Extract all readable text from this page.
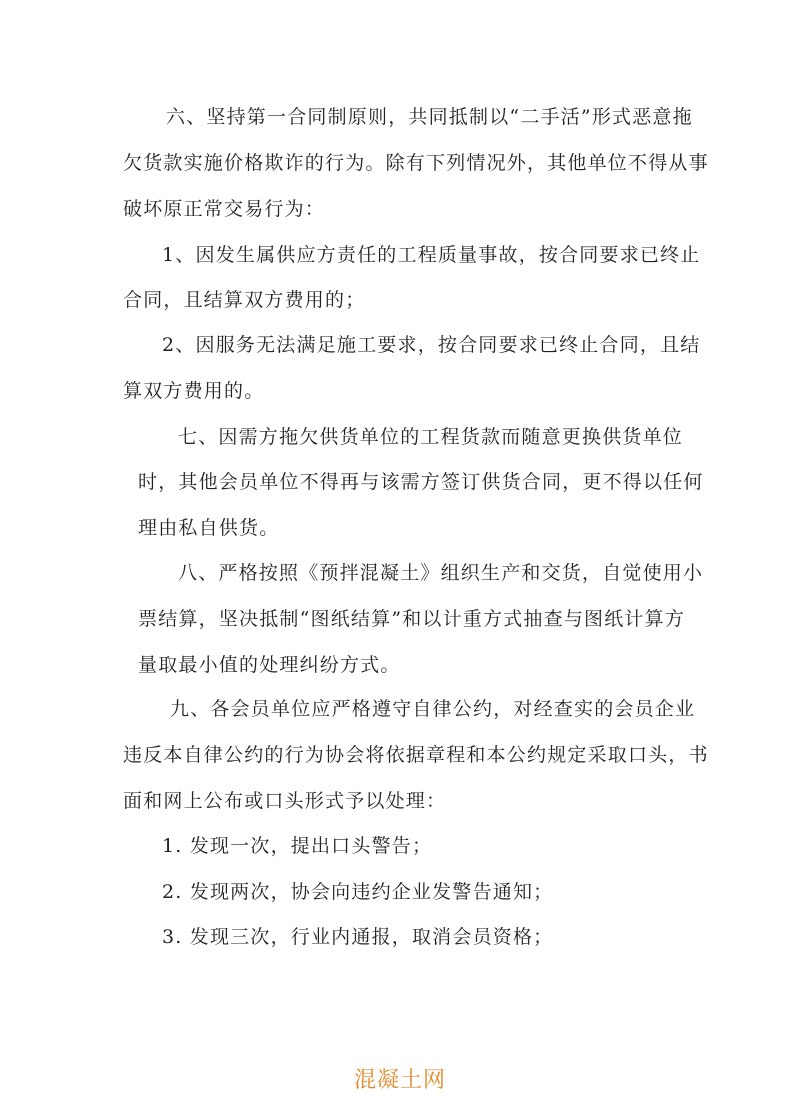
六、坚持第一合同制原则，共同抵制以“二手活”形式恶意拖
欠货款实施价格欺诈的行为。除有下列情况外，其他单位不得从事
破坏原正常交易行为：
1、因发生属供应方责任的工程质量事故，按合同要求已终止
合同，且结算双方费用的；
2、因服务无法满足施工要求，按合同要求已终止合同，且结
算双方费用的。
七、因需方拖欠供货单位的工程货款而随意更换供货单位
时，其他会员单位不得再与该需方签订供货合同，更不得以任何
理由私自供货。
八、严格按照《预拌混凝土》组织生产和交货，自觉使用小
票结算，坚决抵制“图纸结算”和以计重方式抽查与图纸计算方
量取最小值的处理纠纷方式。
九、各会员单位应严格遵守自律公约，对经查实的会员企业
违反本自律公约的行为协会将依据章程和本公约规定采取口头，书
面和网上公布或口头形式予以处理：
1. 发现一次，提出口头警告；
2. 发现两次，协会向违约企业发警告通知；
3. 发现三次，行业内通报，取消会员资格；
混凝土网
